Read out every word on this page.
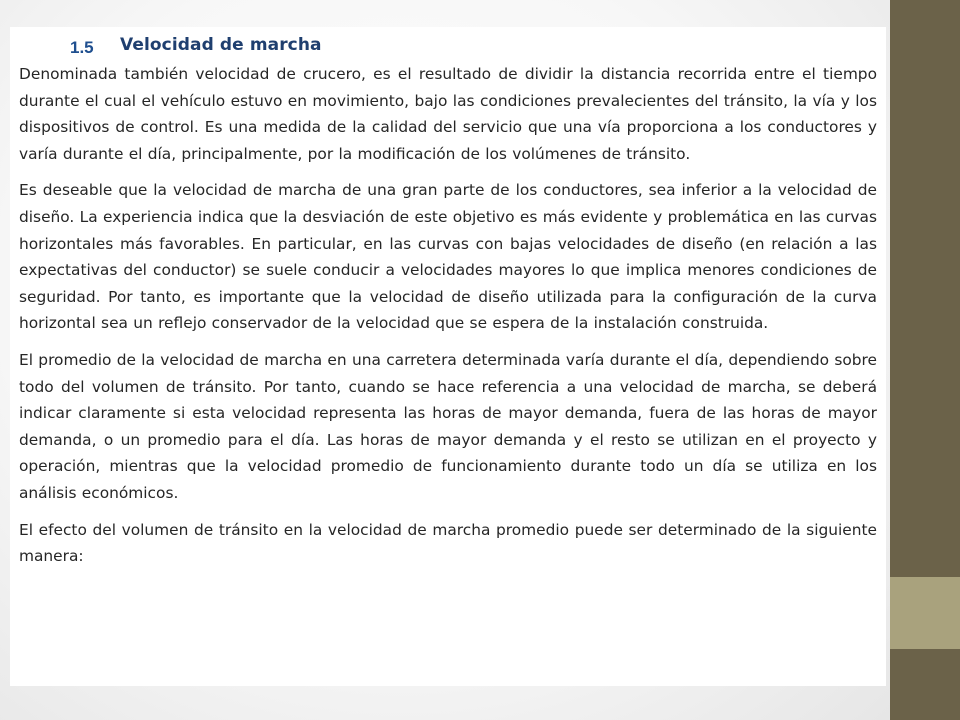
1.5 Velocidad de marcha

Denominada también velocidad de crucero, es el resultado de dividir la distancia recorrida entre el tiempo durante el cual el vehículo estuvo en movimiento, bajo las condiciones prevalecientes del tránsito, la vía y los dispositivos de control. Es una medida de la calidad del servicio que una vía proporciona a los conductores y varía durante el día, principalmente, por la modificación de los volúmenes de tránsito.

Es deseable que la velocidad de marcha de una gran parte de los conductores, sea inferior a la velocidad de diseño. La experiencia indica que la desviación de este objetivo es más evidente y problemática en las curvas horizontales más favorables. En particular, en las curvas con bajas velocidades de diseño (en relación a las expectativas del conductor) se suele conducir a velocidades mayores lo que implica menores condiciones de seguridad. Por tanto, es importante que la velocidad de diseño utilizada para la configuración de la curva horizontal sea un reflejo conservador de la velocidad que se espera de la instalación construida.

El promedio de la velocidad de marcha en una carretera determinada varía durante el día, dependiendo sobre todo del volumen de tránsito. Por tanto, cuando se hace referencia a una velocidad de marcha, se deberá indicar claramente si esta velocidad representa las horas de mayor demanda, fuera de las horas de mayor demanda, o un promedio para el día. Las horas de mayor demanda y el resto se utilizan en el proyecto y operación, mientras que la velocidad promedio de funcionamiento durante todo un día se utiliza en los análisis económicos.

El efecto del volumen de tránsito en la velocidad de marcha promedio puede ser determinado de la siguiente manera:
